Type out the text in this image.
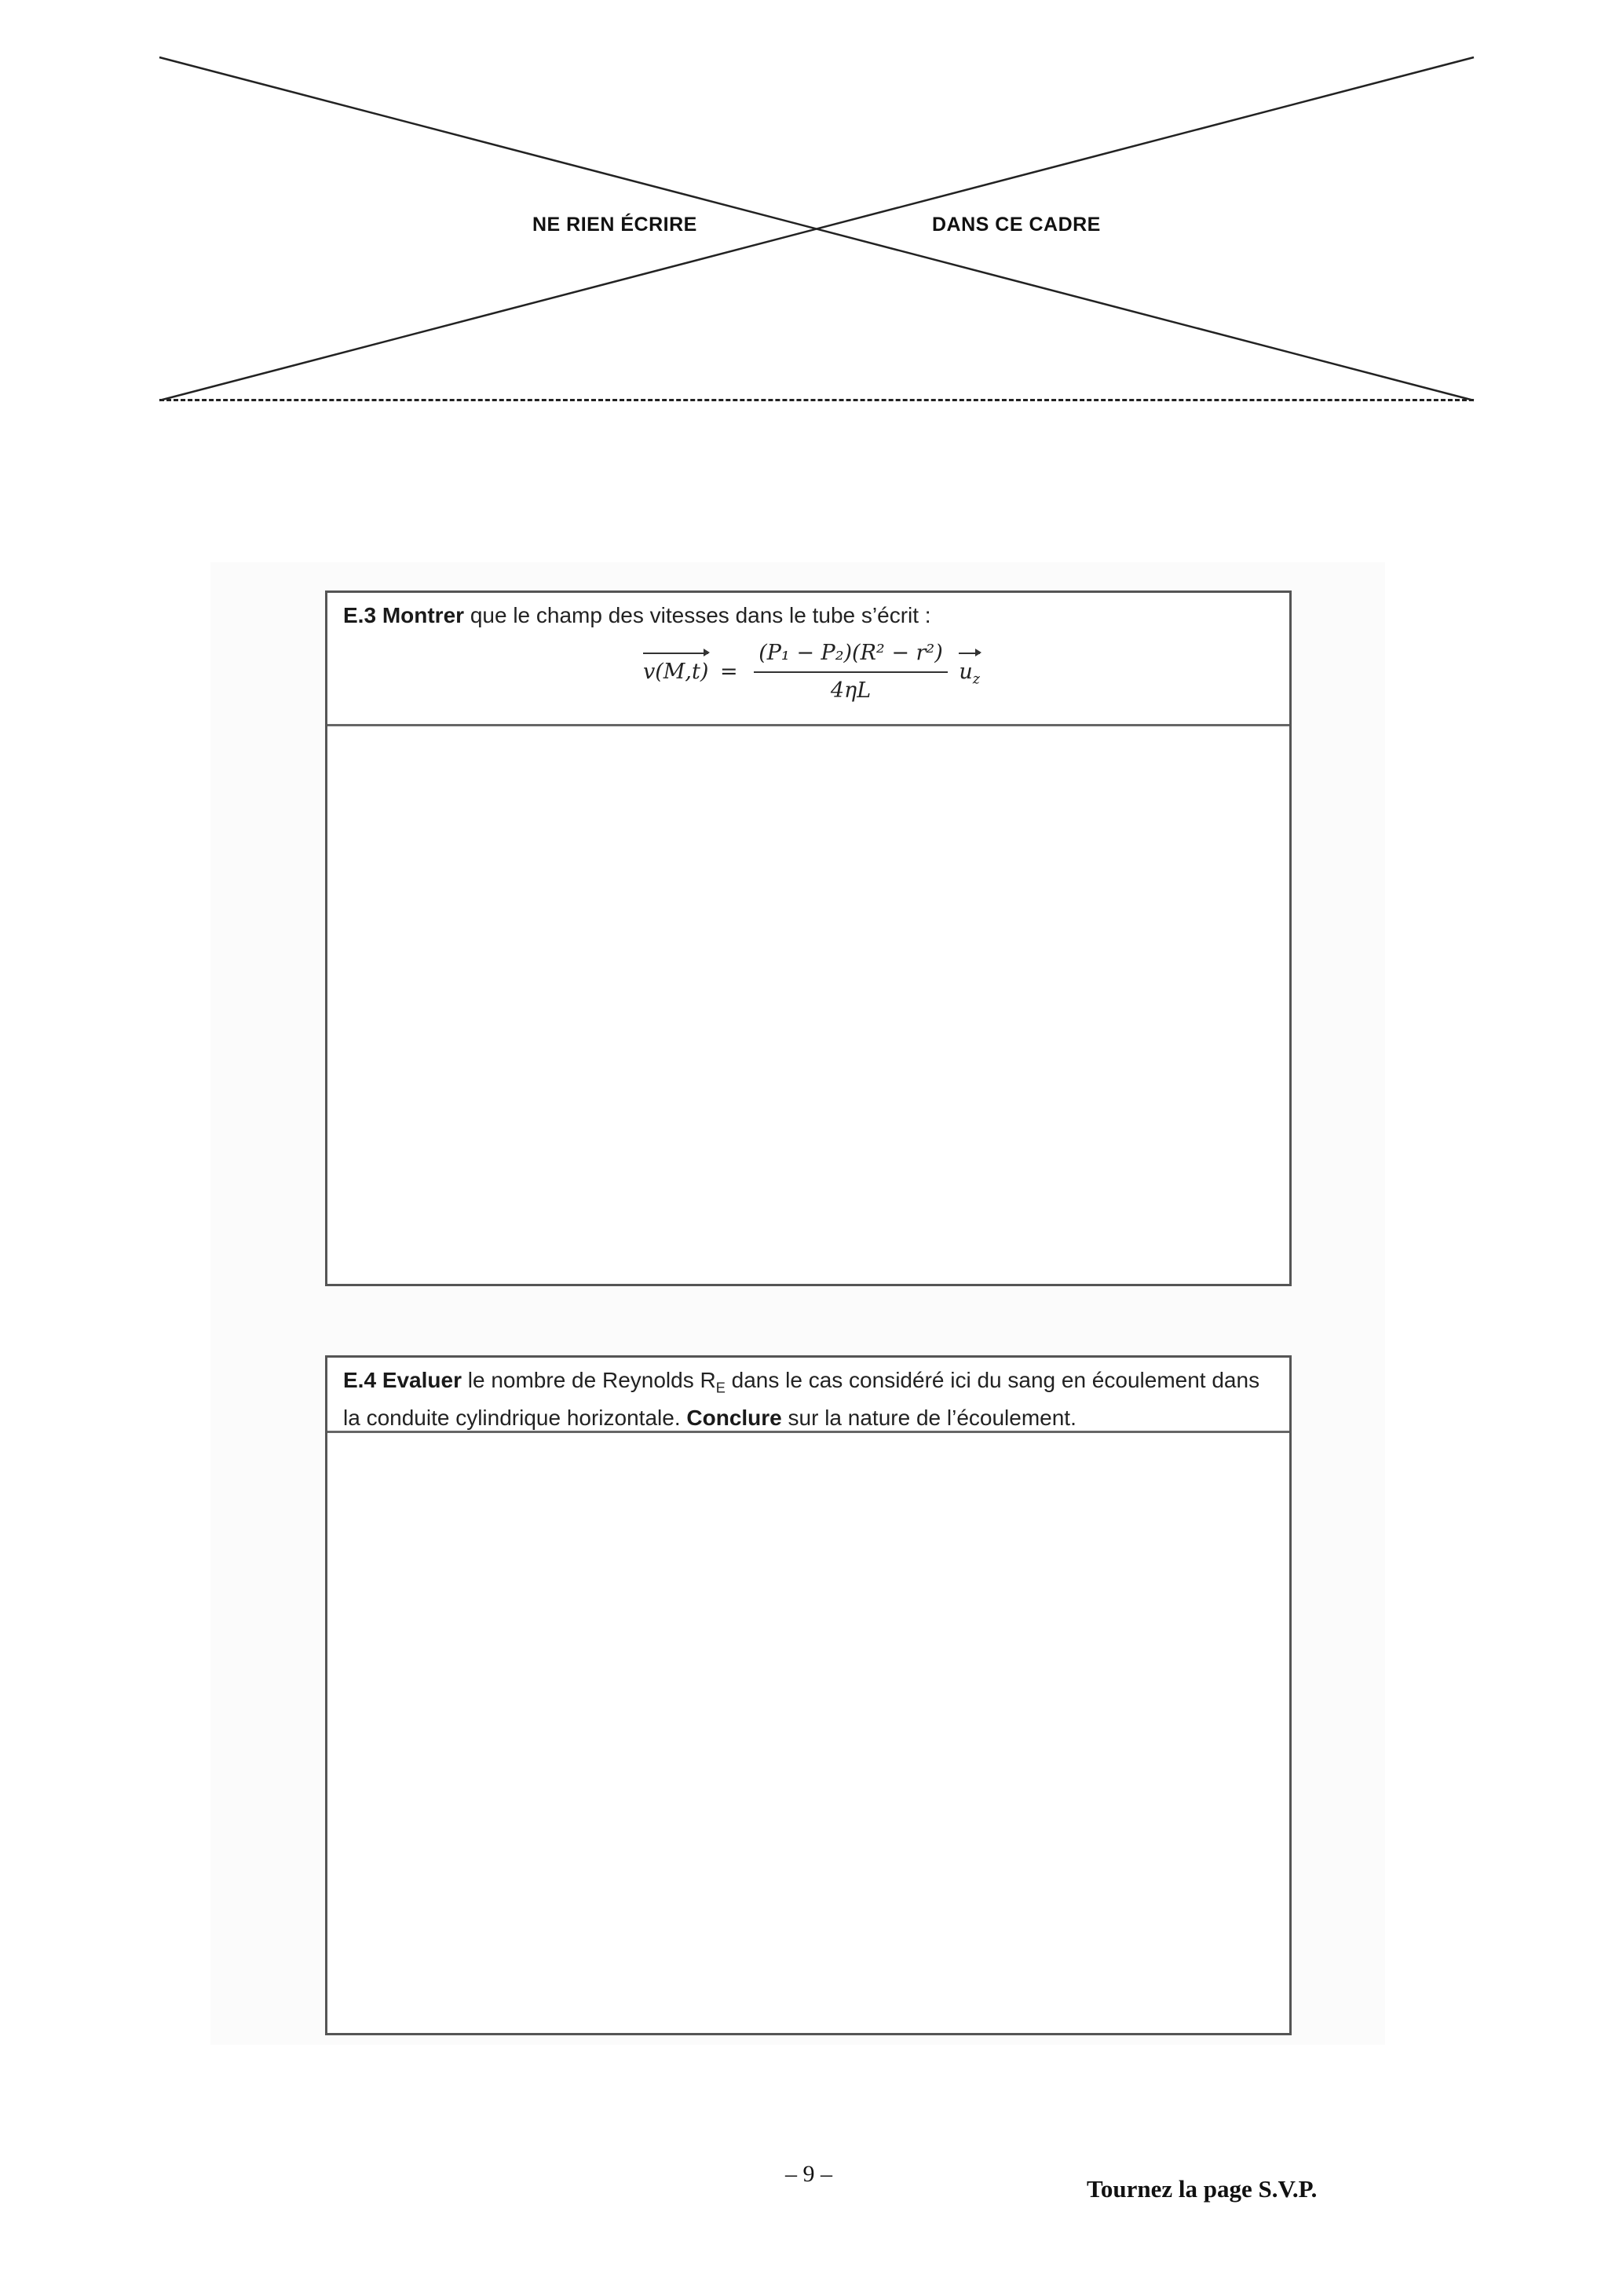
NE RIEN ÉCRIRE	DANS CE CADRE
E.3 Montrer que le champ des vitesses dans le tube s’écrit :
$v(M,t) = \frac{\text{(P₁ − P₂)(R² − r²)}}{4\eta L} u_z$
E.4 Evaluer le nombre de Reynolds $R_E$ dans le cas considéré ici du sang en écoulement dans la conduite cylindrique horizontale. Conclure sur la nature de l’écoulement.
– 9 –
Tournez la page S.V.P.
